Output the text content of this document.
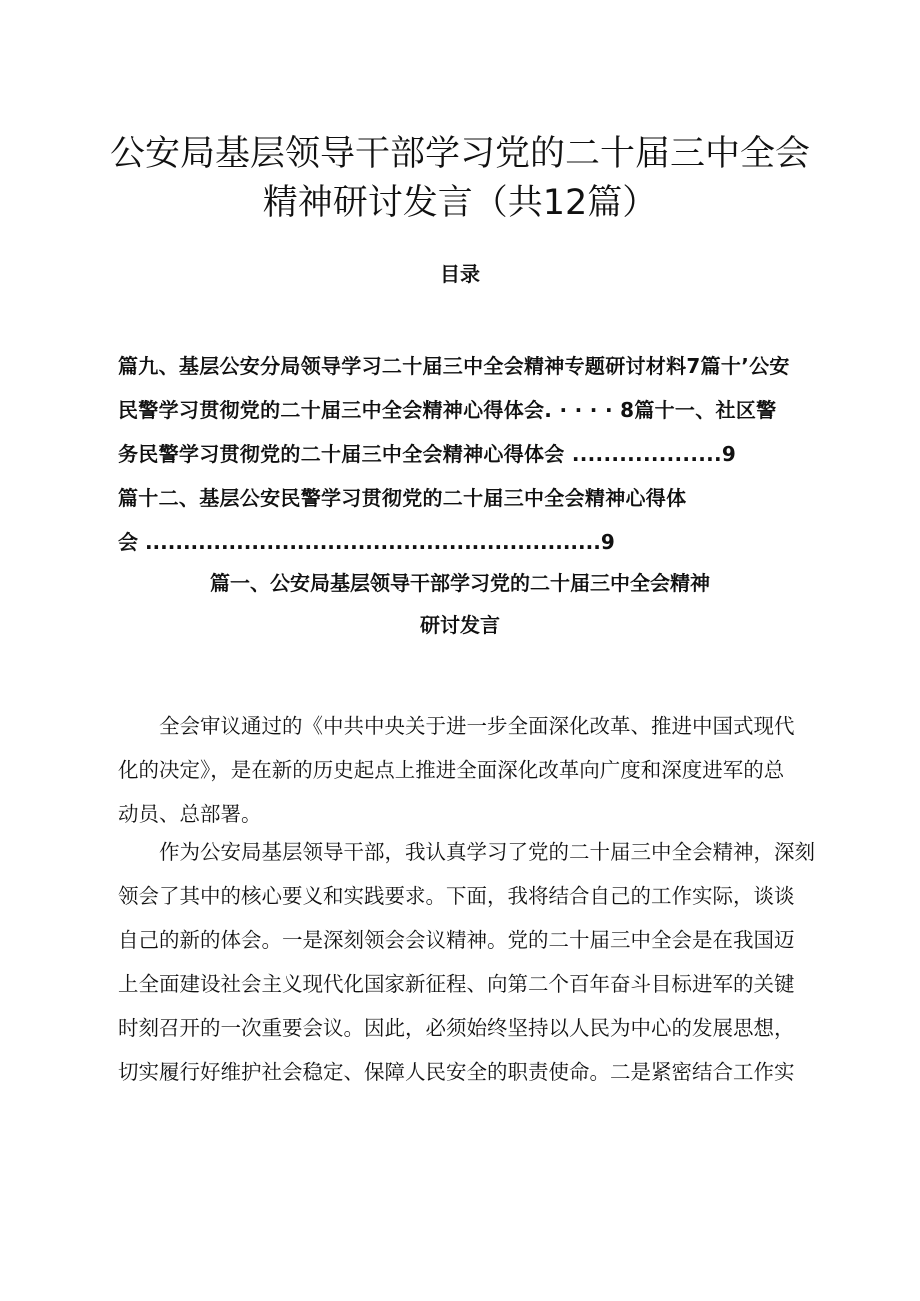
公安局基层领导干部学习党的二十届三中全会
精神研讨发言（共12篇）
目录
篇九、基层公安分局领导学习二十届三中全会精神专题研讨材料7篇十’公安
民警学习贯彻党的二十届三中全会精神心得体会. · · · · 8篇十一、社区警
务民警学习贯彻党的二十届三中全会精神心得体会 ...................9
篇十二、基层公安民警学习贯彻党的二十届三中全会精神心得体
会 ............................................................9
篇一、公安局基层领导干部学习党的二十届三中全会精神
研讨发言
　　全会审议通过的《中共中央关于进一步全面深化改革、推进中国式现代
化的决定》，是在新的历史起点上推进全面深化改革向广度和深度进军的总
动员、总部署。
　　作为公安局基层领导干部，我认真学习了党的二十届三中全会精神，深刻
领会了其中的核心要义和实践要求。下面，我将结合自己的工作实际，谈谈
自己的新的体会。一是深刻领会会议精神。党的二十届三中全会是在我国迈
上全面建设社会主义现代化国家新征程、向第二个百年奋斗目标进军的关键
时刻召开的一次重要会议。因此，必须始终坚持以人民为中心的发展思想，
切实履行好维护社会稳定、保障人民安全的职责使命。二是紧密结合工作实
